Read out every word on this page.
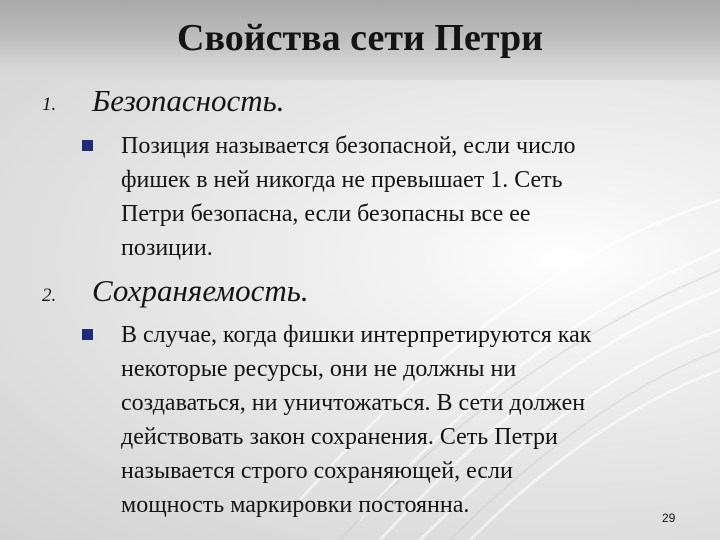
Свойства сети Петри
1. Безопасность.
Позиция называется безопасной, если число
фишек в ней никогда не превышает 1. Сеть
Петри безопасна, если безопасны все ее
позиции.
2. Сохраняемость.
В случае, когда фишки интерпретируются как
некоторые ресурсы, они не должны ни
создаваться, ни уничтожаться. В сети должен
действовать закон сохранения. Сеть Петри
называется строго сохраняющей, если
мощность маркировки постоянна.	29
